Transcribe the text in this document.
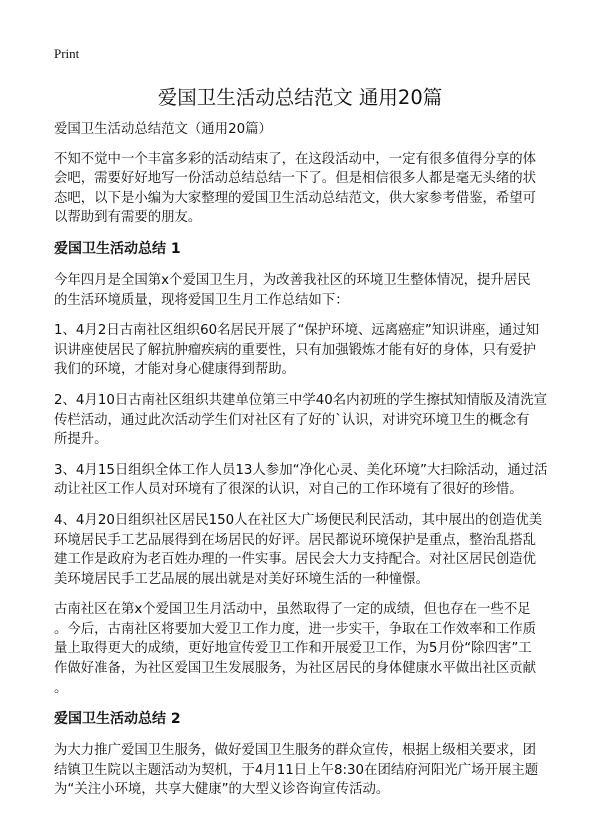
Print
爱国卫生活动总结范文 通用20篇
爱国卫生活动总结范文（通用20篇）
不知不觉中一个丰富多彩的活动结束了，在这段活动中，一定有很多值得分享的体
会吧，需要好好地写一份活动总结总结一下了。但是相信很多人都是毫无头绪的状
态吧，以下是小编为大家整理的爱国卫生活动总结范文，供大家参考借鉴，希望可
以帮助到有需要的朋友。
爱国卫生活动总结 1
今年四月是全国第x个爱国卫生月，为改善我社区的环境卫生整体情况，提升居民
的生活环境质量，现将爱国卫生月工作总结如下：
1、4月2日古南社区组织60名居民开展了“保护环境、远离癌症”知识讲座，通过知
识讲座使居民了解抗肿瘤疾病的重要性，只有加强锻炼才能有好的身体，只有爱护
我们的环境，才能对身心健康得到帮助。
2、4月10日古南社区组织共建单位第三中学40名内初班的学生擦拭知情版及清洗宣
传栏活动，通过此次活动学生们对社区有了好的`认识，对讲究环境卫生的概念有
所提升。
3、4月15日组织全体工作人员13人参加“净化心灵、美化环境”大扫除活动，通过活
动让社区工作人员对环境有了很深的认识，对自己的工作环境有了很好的珍惜。
4、4月20日组织社区居民150人在社区大广场便民利民活动，其中展出的创造优美
环境居民手工艺品展得到在场居民的好评。居民都说环境保护是重点，整治乱搭乱
建工作是政府为老百姓办理的一件实事。居民会大力支持配合。对社区居民创造优
美环境居民手工艺品展的展出就是对美好环境生活的一种憧憬。
古南社区在第x个爱国卫生月活动中，虽然取得了一定的成绩，但也存在一些不足
。今后，古南社区将要加大爱卫工作力度，进一步实干，争取在工作效率和工作质
量上取得更大的成绩，更好地宣传爱卫工作和开展爱卫工作，为5月份“除四害”工
作做好准备，为社区爱国卫生发展服务，为社区居民的身体健康水平做出社区贡献
。
爱国卫生活动总结 2
为大力推广爱国卫生服务，做好爱国卫生服务的群众宣传，根据上级相关要求，团
结镇卫生院以主题活动为契机，于4月11日上午8:30在团结府河阳光广场开展主题
为“关注小环境，共享大健康”的大型义诊咨询宣传活动。
